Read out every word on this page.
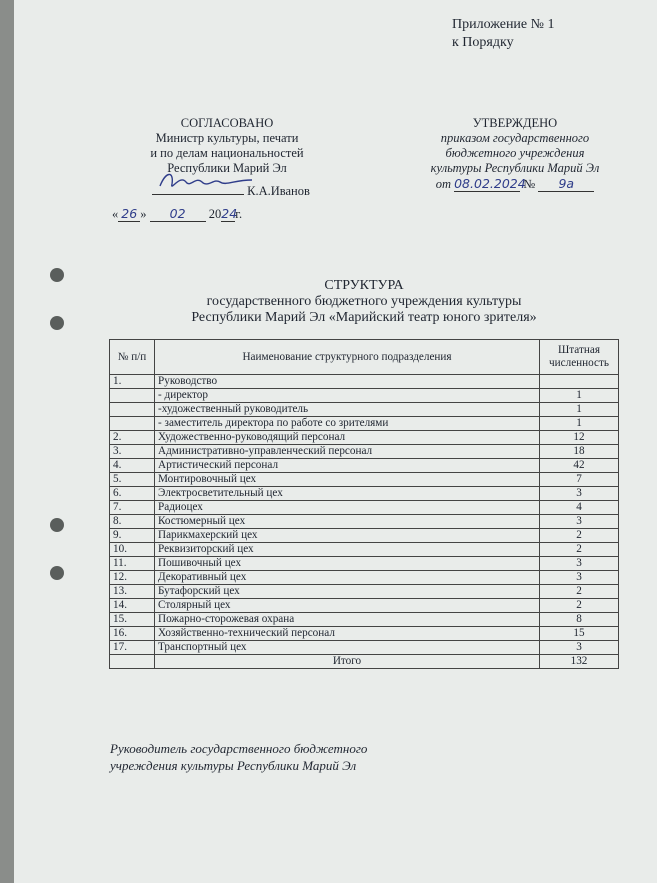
Приложение № 1
к Порядку
СОГЛАСОВАНО
Министр культуры, печати
и по делам национальностей
Республики Марий Эл
К.А.Иванов
« 26 » 02 2024г.
УТВЕРЖДЕНО
приказом государственного
бюджетного учреждения
культуры Республики Марий Эл
от 08.02.2024 № 9а
СТРУКТУРА
государственного бюджетного учреждения культуры
Республики Марий Эл «Марийский театр юного зрителя»
№ п/п	Наименование структурного подразделения	Штатная численность
1.	Руководство	
	- директор	1
	-художественный руководитель	1
	- заместитель директора по работе со зрителями	1
2.	Художественно-руководящий персонал	12
3.	Административно-управленческий персонал	18
4.	Артистический персонал	42
5.	Монтировочный цех	7
6.	Электросветительный цех	3
7.	Радиоцех	4
8.	Костюмерный цех	3
9.	Парикмахерский цех	2
10.	Реквизиторский цех	2
11.	Пошивочный цех	3
12.	Декоративный цех	3
13.	Бутафорский цех	2
14.	Столярный цех	2
15.	Пожарно-сторожевая охрана	8
16.	Хозяйственно-технический персонал	15
17.	Транспортный цех	3
	Итого	132
Руководитель государственного бюджетного
учреждения культуры Республики Марий Эл
